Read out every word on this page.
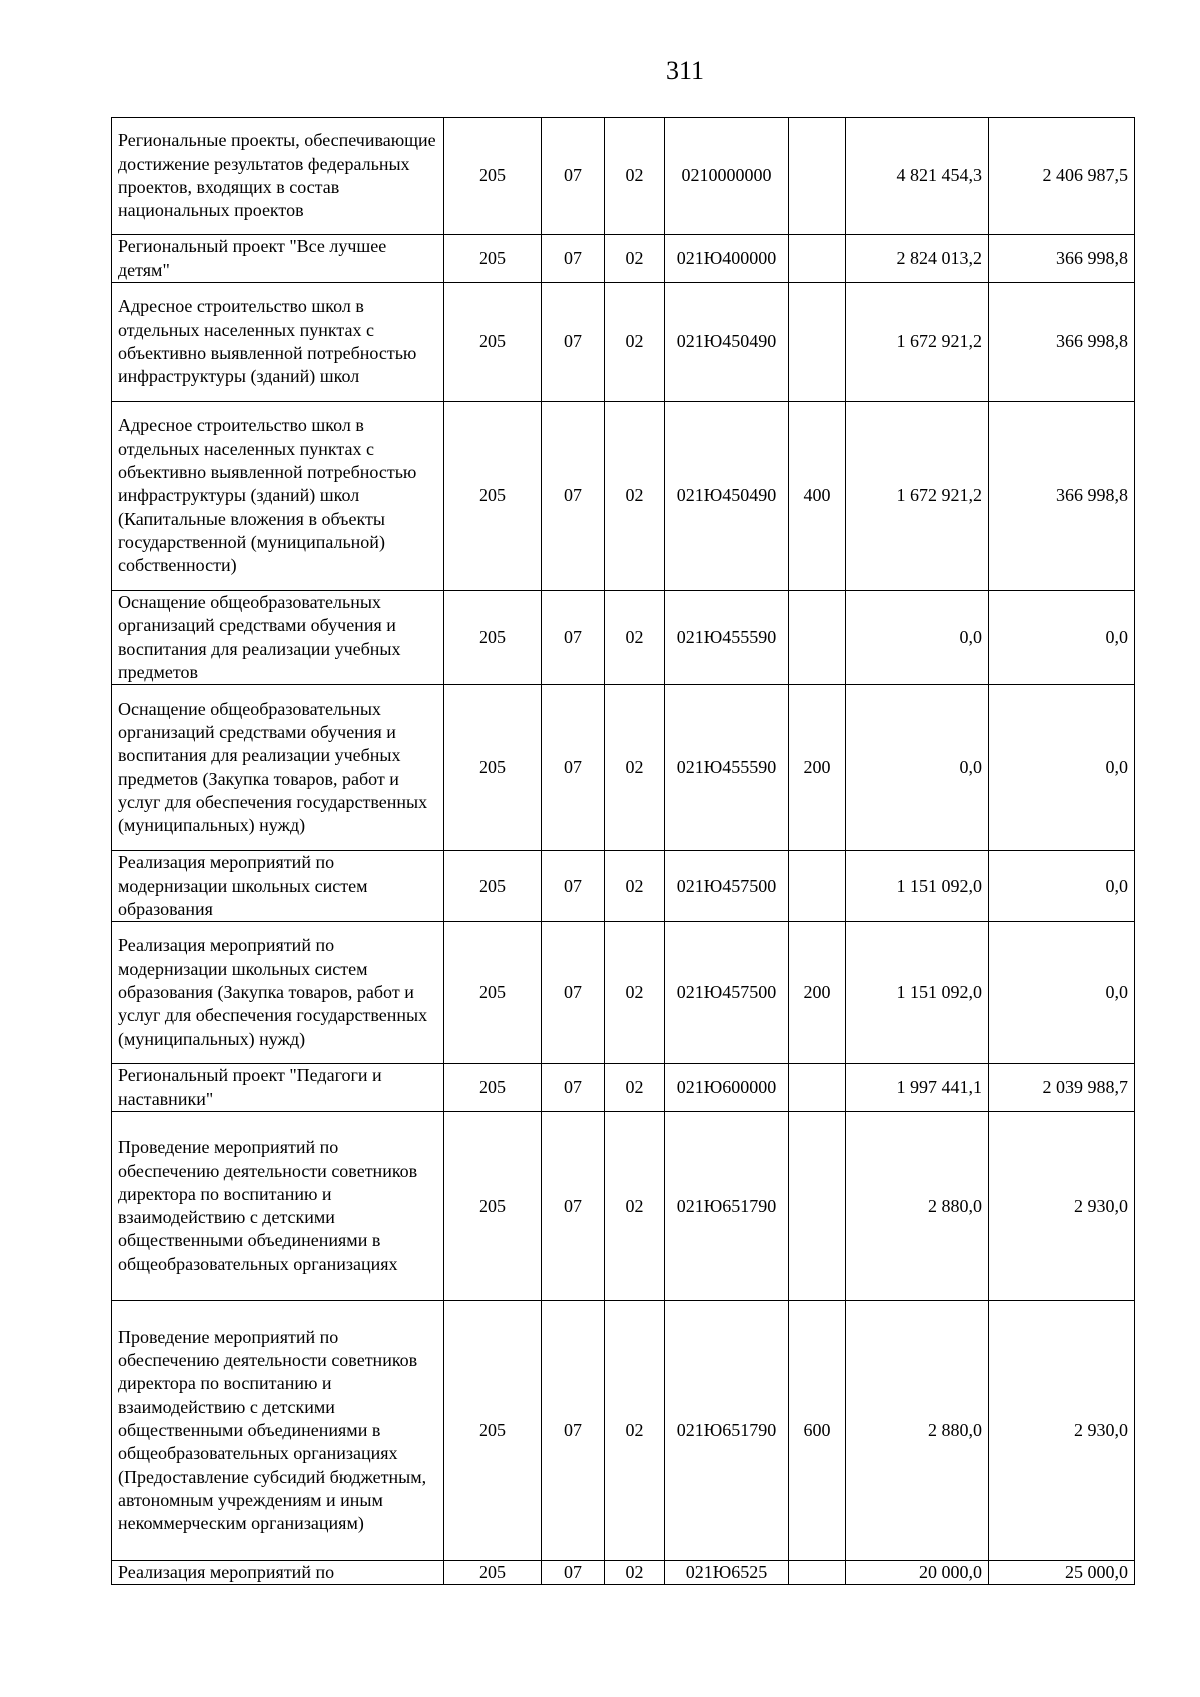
311
Региональные проекты, обеспечивающие достижение результатов федеральных проектов, входящих в состав национальных проектов	205	07	02	0210000000		4 821 454,3	2 406 987,5
Региональный проект "Все лучшее детям"	205	07	02	021Ю400000		2 824 013,2	366 998,8
Адресное строительство школ в отдельных населенных пунктах с объективно выявленной потребностью инфраструктуры (зданий) школ	205	07	02	021Ю450490		1 672 921,2	366 998,8
Адресное строительство школ в отдельных населенных пунктах с объективно выявленной потребностью инфраструктуры (зданий) школ (Капитальные вложения в объекты государственной (муниципальной) собственности)	205	07	02	021Ю450490	400	1 672 921,2	366 998,8
Оснащение общеобразовательных организаций средствами обучения и воспитания для реализации учебных предметов	205	07	02	021Ю455590		0,0	0,0
Оснащение общеобразовательных организаций средствами обучения и воспитания для реализации учебных предметов (Закупка товаров, работ и услуг для обеспечения государственных (муниципальных) нужд)	205	07	02	021Ю455590	200	0,0	0,0
Реализация мероприятий по модернизации школьных систем образования	205	07	02	021Ю457500		1 151 092,0	0,0
Реализация мероприятий по модернизации школьных систем образования (Закупка товаров, работ и услуг для обеспечения государственных (муниципальных) нужд)	205	07	02	021Ю457500	200	1 151 092,0	0,0
Региональный проект "Педагоги и наставники"	205	07	02	021Ю600000		1 997 441,1	2 039 988,7
Проведение мероприятий по обеспечению деятельности советников директора по воспитанию и взаимодействию с детскими общественными объединениями в общеобразовательных организациях	205	07	02	021Ю651790		2 880,0	2 930,0
Проведение мероприятий по обеспечению деятельности советников директора по воспитанию и взаимодействию с детскими общественными объединениями в общеобразовательных организациях (Предоставление субсидий бюджетным, автономным учреждениям и иным некоммерческим организациям)	205	07	02	021Ю651790	600	2 880,0	2 930,0
Реализация мероприятий по	205	07	02	021Ю6525		20 000,0	25 000,0
